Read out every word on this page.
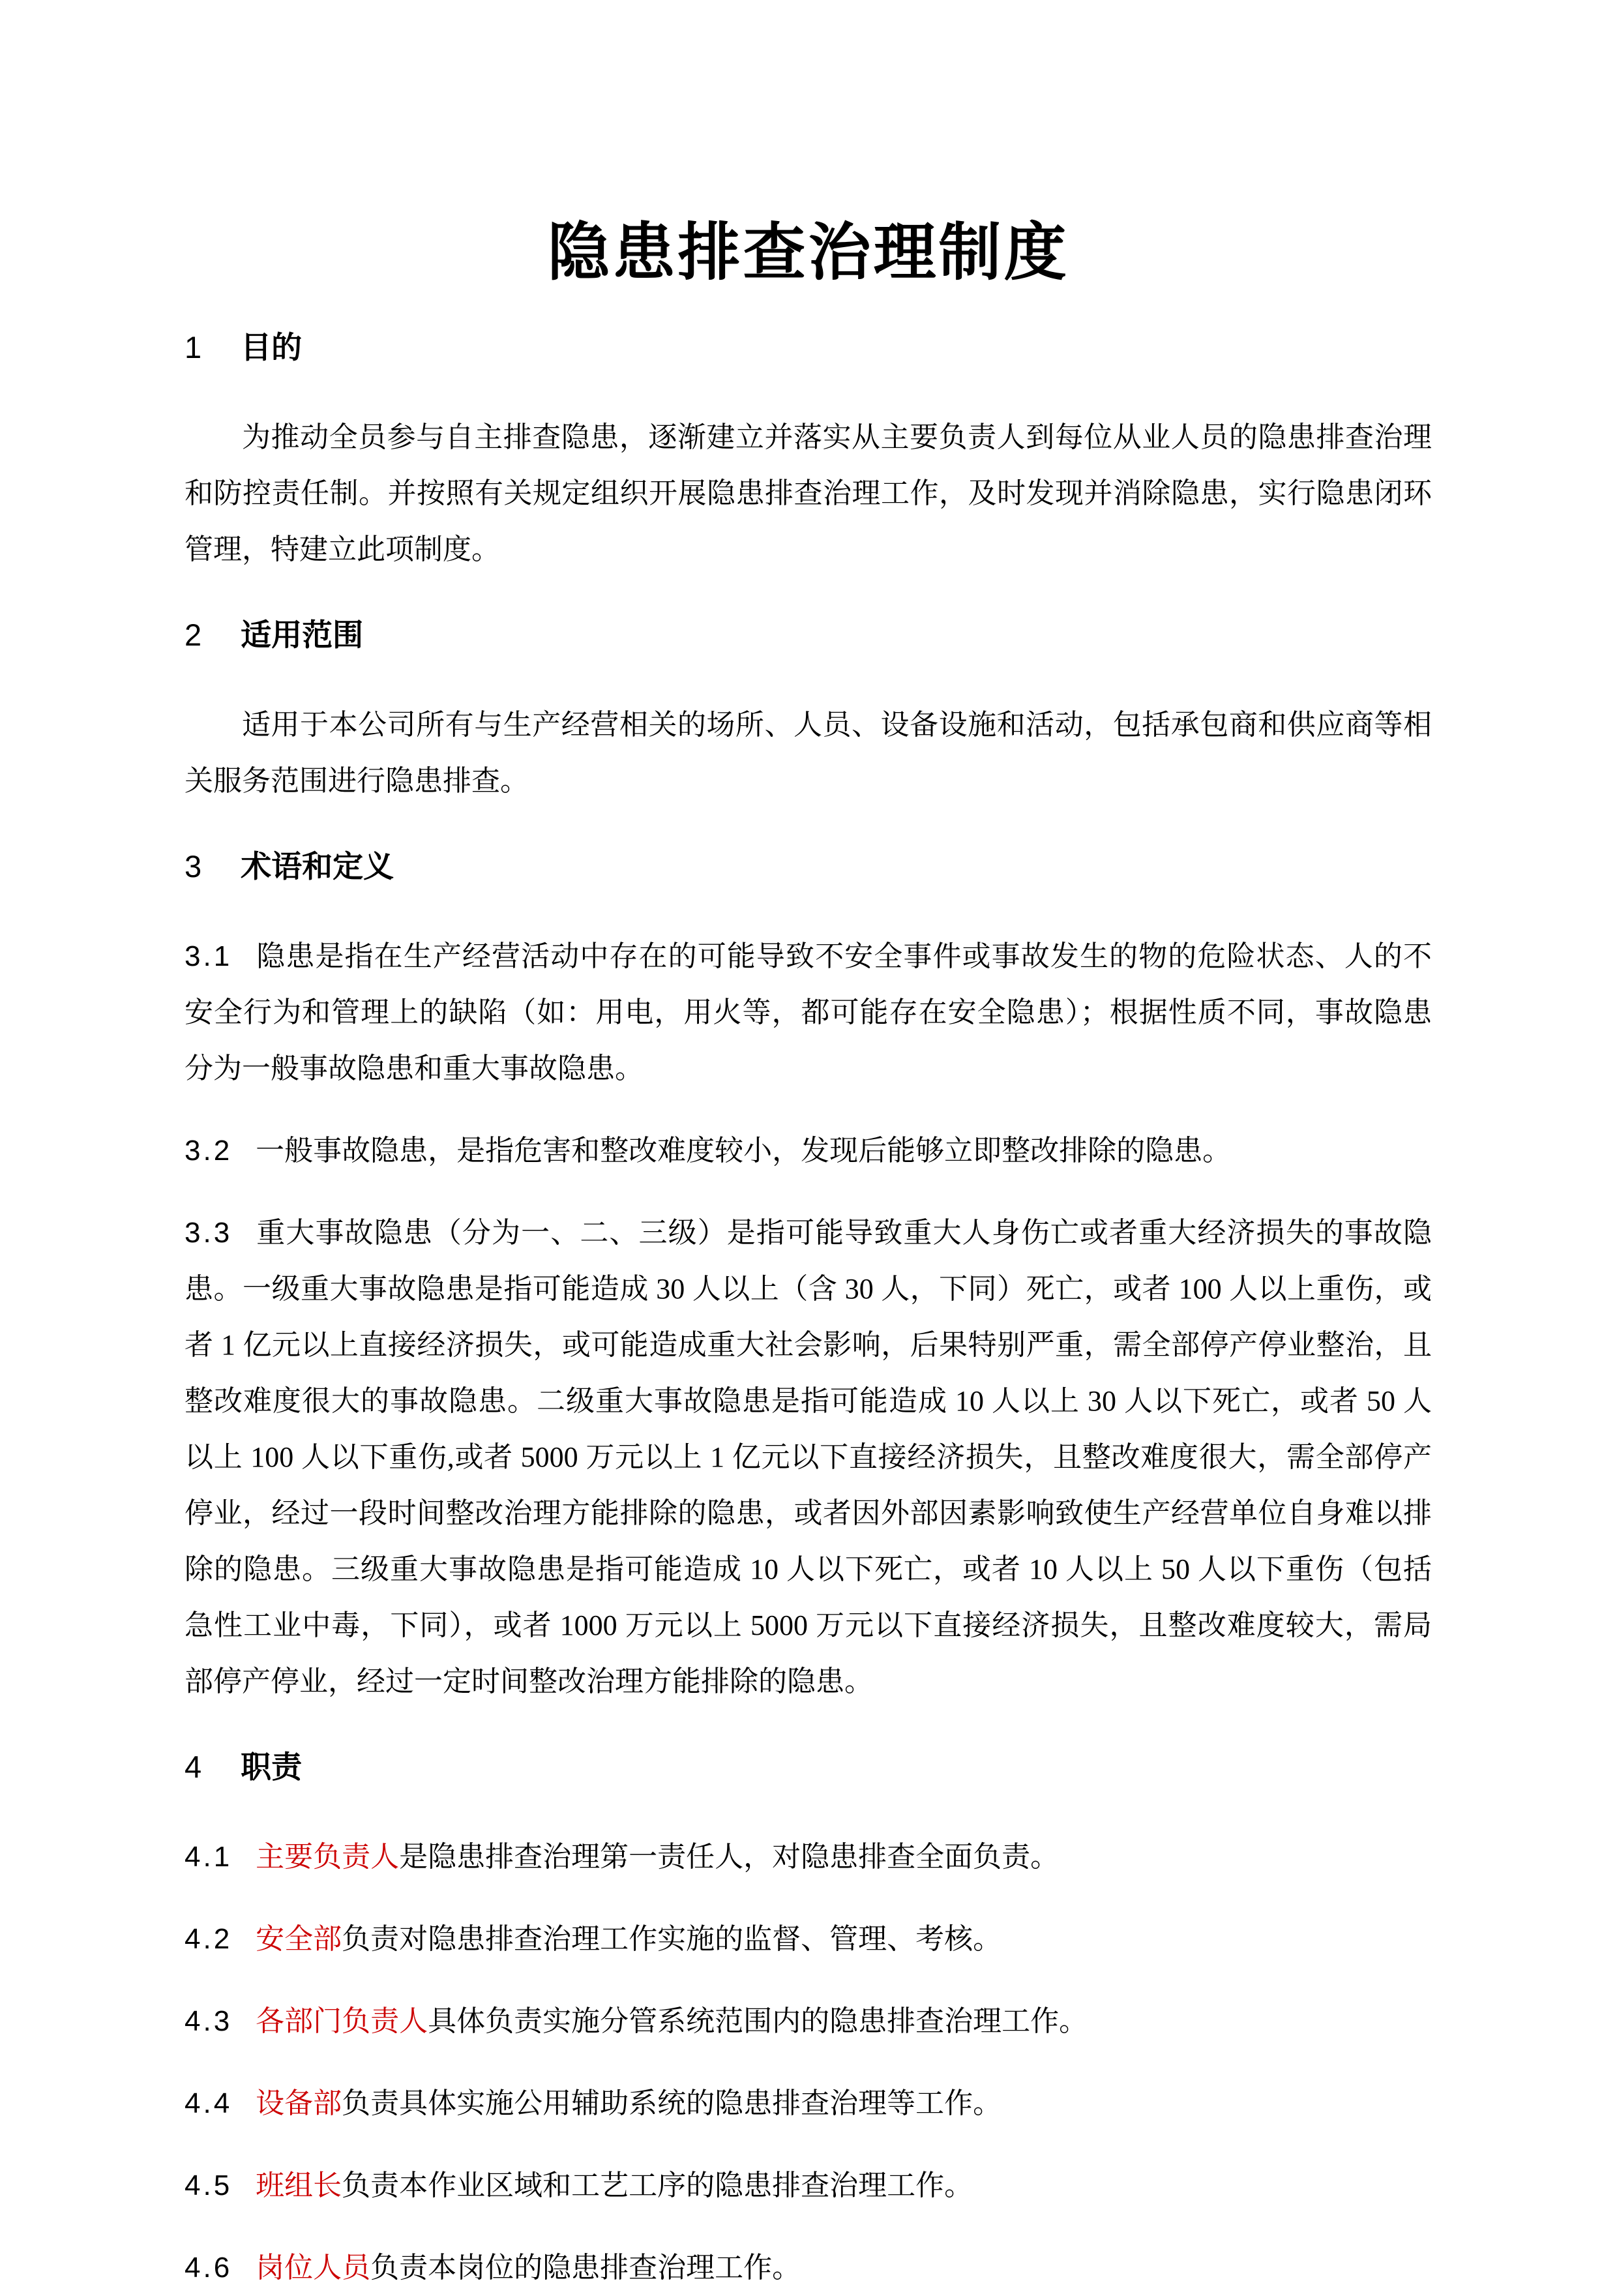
隐患排查治理制度
1 目的

为推动全员参与自主排查隐患，逐渐建立并落实从主要负责人到每位从业人员的隐患排查治理和防控责任制。并按照有关规定组织开展隐患排查治理工作，及时发现并消除隐患，实行隐患闭环管理，特建立此项制度。

2 适用范围

适用于本公司所有与生产经营相关的场所、人员、设备设施和活动，包括承包商和供应商等相关服务范围进行隐患排查。

3 术语和定义

3.1 隐患是指在生产经营活动中存在的可能导致不安全事件或事故发生的物的危险状态、人的不安全行为和管理上的缺陷（如：用电，用火等，都可能存在安全隐患）；根据性质不同，事故隐患分为一般事故隐患和重大事故隐患。

3.2 一般事故隐患，是指危害和整改难度较小，发现后能够立即整改排除的隐患。

3.3 重大事故隐患（分为一、二、三级）是指可能导致重大人身伤亡或者重大经济损失的事故隐患。一级重大事故隐患是指可能造成 30 人以上（含 30 人，下同）死亡，或者 100 人以上重伤，或者 1 亿元以上直接经济损失，或可能造成重大社会影响，后果特别严重，需全部停产停业整治，且整改难度很大的事故隐患。二级重大事故隐患是指可能造成 10 人以上 30 人以下死亡，或者 50 人以上 100 人以下重伤,或者 5000 万元以上 1 亿元以下直接经济损失，且整改难度很大，需全部停产停业，经过一段时间整改治理方能排除的隐患，或者因外部因素影响致使生产经营单位自身难以排除的隐患。三级重大事故隐患是指可能造成 10 人以下死亡，或者 10 人以上 50 人以下重伤（包括急性工业中毒，下同），或者 1000 万元以上 5000 万元以下直接经济损失，且整改难度较大，需局部停产停业，经过一定时间整改治理方能排除的隐患。

4 职责

4.1 主要负责人是隐患排查治理第一责任人，对隐患排查全面负责。

4.2 安全部负责对隐患排查治理工作实施的监督、管理、考核。

4.3 各部门负责人具体负责实施分管系统范围内的隐患排查治理工作。

4.4 设备部负责具体实施公用辅助系统的隐患排查治理等工作。

4.5 班组长负责本作业区域和工艺工序的隐患排查治理工作。

4.6 岗位人员负责本岗位的隐患排查治理工作。
